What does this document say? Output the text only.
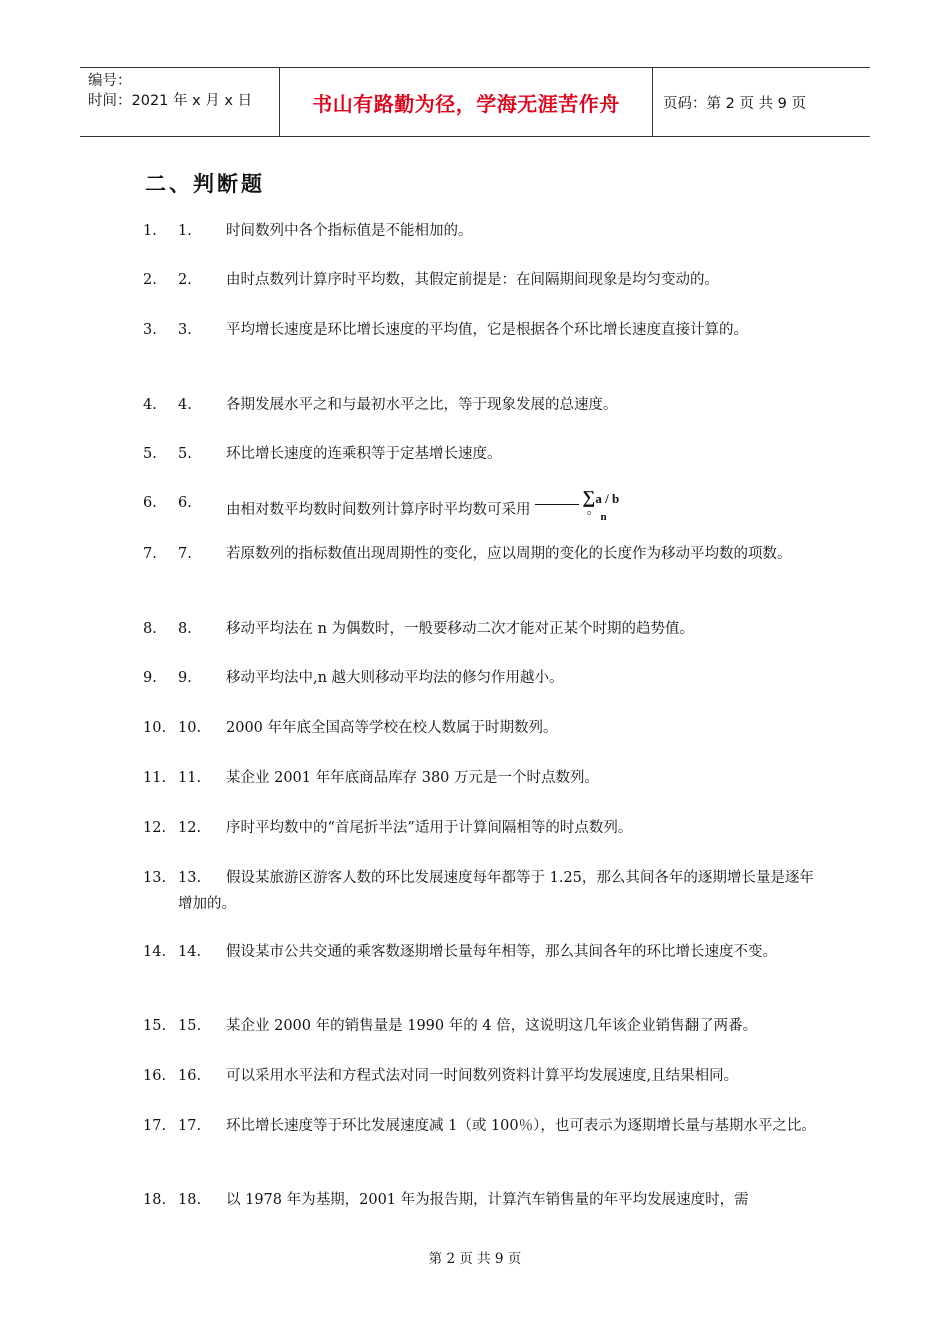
编号：
时间：2021 年 x 月 x 日	书山有路勤为径，学海无涯苦作舟	页码：第 2 页 共 9 页
二、判断题
1.	1.	时间数列中各个指标值是不能相加的。
2.	2.	由时点数列计算序时平均数，其假定前提是：在间隔期间现象是均匀变动的。
3.	3.	平均增长速度是环比增长速度的平均值，它是根据各个环比增长速度直接计算的。
4.	4.	各期发展水平之和与最初水平之比，等于现象发展的总速度。
5.	5.	环比增长速度的连乘积等于定基增长速度。
6.	6.	由相对数平均数时间数列计算序时平均数可采用
∑a / b
n
。
7.	7.	若原数列的指标数值出现周期性的变化，应以周期的变化的长度作为移动平均数的项数。
8.	8.	移动平均法在 n 为偶数时，一般要移动二次才能对正某个时期的趋势值。
9.	9.	移动平均法中,n 越大则移动平均法的修匀作用越小。
10. 10.	2000 年年底全国高等学校在校人数属于时期数列。
11. 11.	某企业 2001 年年底商品库存 380 万元是一个时点数列。
12. 12.	序时平均数中的“首尾折半法”适用于计算间隔相等的时点数列。
13. 13.	假设某旅游区游客人数的环比发展速度每年都等于 1.25，那么其间各年的逐期增长量是逐年增加的。
14. 14.	假设某市公共交通的乘客数逐期增长量每年相等，那么其间各年的环比增长速度不变。
15. 15.	某企业 2000 年的销售量是 1990 年的 4 倍，这说明这几年该企业销售翻了两番。
16. 16.	可以采用水平法和方程式法对同一时间数列资料计算平均发展速度,且结果相同。
17. 17.	环比增长速度等于环比发展速度减 1（或 100％），也可表示为逐期增长量与基期水平之比。
18. 18.	以 1978 年为基期，2001 年为报告期，计算汽车销售量的年平均发展速度时，需
第 2 页 共 9 页
